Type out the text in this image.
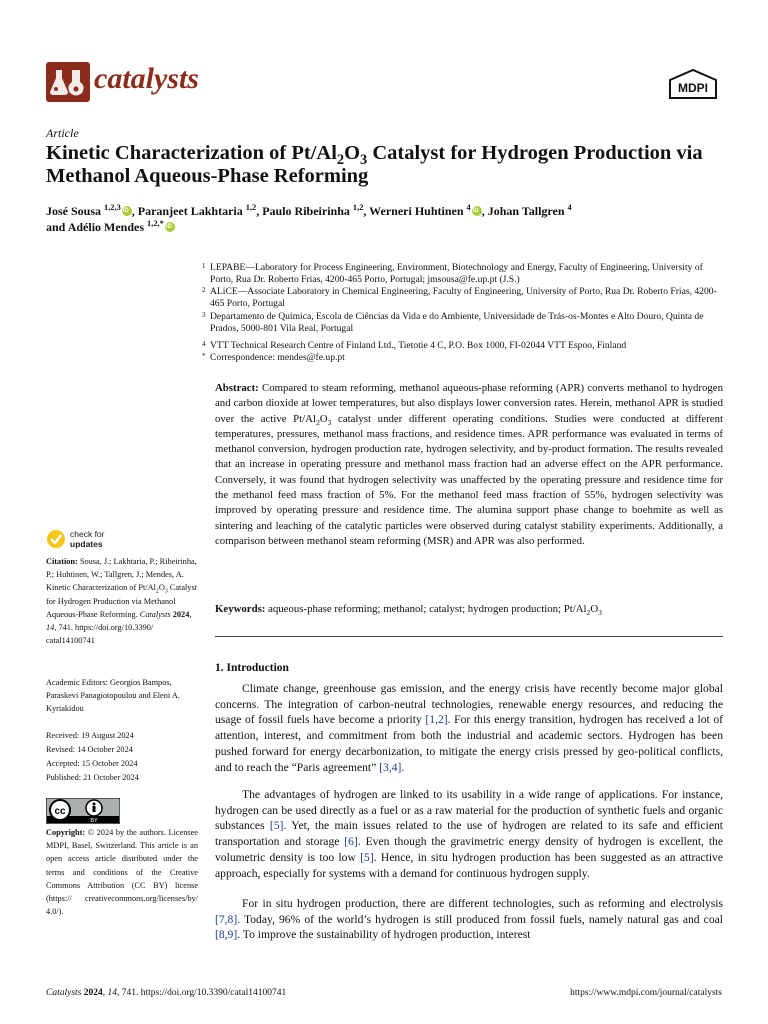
catalysts	MDPI
Article
Kinetic Characterization of $Pt/Al_2O_3$ Catalyst for Hydrogen Production via Methanol Aqueous-Phase Reforming
José Sousa $^{1,2,3}$ iD , Paranjeet Lakhtaria $^{1,2}$, Paulo Ribeirinha $^{1,2}$, Werneri Huhtinen $^4$ iD , Johan Tallgren $^4$
and Adélio Mendes $^{1,2,*}$iD
1 LEPABE—Laboratory for Process Engineering, Environment, Biotechnology and Energy, Faculty of Engineering, University of Porto, Rua Dr. Roberto Frias, 4200-465 Porto, Portugal; jmsousa@fe.up.pt (J.S.)
2 ALiCE—Associate Laboratory in Chemical Engineering, Faculty of Engineering, University of Porto, Rua Dr. Roberto Frias, 4200-465 Porto, Portugal
3 Departamento de Química, Escola de Ciências da Vida e do Ambiente, Universidade de Trás-os-Montes e Alto Douro, Quinta de Prados, 5000-801 Vila Real, Portugal
4 VTT Technical Research Centre of Finland Ltd., Tietotie 4 C, P.O. Box 1000, FI-02044 VTT Espoo, Finland
* Correspondence: mendes@fe.up.pt
check for
updates
Citation: Sousa, J.; Lakhtaria, P.; Ribeirinha, P.; Huhtinen, W.; Tallgren, J.; Mendes, A. Kinetic Characterization of $Pt/Al_2O_3$ Catalyst for Hydrogen Production via Methanol Aqueous-Phase Reforming. Catalysts 2024, 14, 741. https://doi.org/10.3390/ catal14100741
Academic Editors: Georgios Bampos, Paraskevi Panagiotopoulou and Eleni A. Kyriakidou
Received: 19 August 2024
Revised: 14 October 2024
Accepted: 15 October 2024
Published: 21 October 2024
cc
BY
Copyright: © 2024 by the authors. Licensee MDPI, Basel, Switzerland. This article is an open access article distributed under the terms and conditions of the Creative Commons Attribution (CC BY) license (https:// creativecommons.org/licenses/by/ 4.0/).
Abstract: Compared to steam reforming, methanol aqueous-phase reforming (APR) converts methanol to hydrogen and carbon dioxide at lower temperatures, but also displays lower conversion rates. Herein, methanol APR is studied over the active $Pt/Al_2O_3$ catalyst under different operating conditions. Studies were conducted at different temperatures, pressures, methanol mass fractions, and residence times. APR performance was evaluated in terms of methanol conversion, hydrogen production rate, hydrogen selectivity, and by-product formation. The results revealed that an increase in operating pressure and methanol mass fraction had an adverse effect on the APR performance. Conversely, it was found that hydrogen selectivity was unaffected by the operating pressure and residence time for the methanol feed mass fraction of 5%. For the methanol feed mass fraction of 55%, hydrogen selectivity was improved by operating pressure and residence time. The alumina support phase change to boehmite as well as sintering and leaching of the catalytic particles were observed during catalyst stability experiments. Additionally, a comparison between methanol steam reforming (MSR) and APR was also performed.
Keywords: aqueous-phase reforming; methanol; catalyst; hydrogen production; $Pt/Al_2O_3$
1. Introduction
Climate change, greenhouse gas emission, and the energy crisis have recently become major global concerns. The integration of carbon-neutral technologies, renewable energy resources, and reducing the usage of fossil fuels have become a priority [1,2]. For this energy transition, hydrogen has received a lot of attention, interest, and commitment from both the industrial and academic sectors. Hydrogen has been pushed forward for energy decarbonization, to mitigate the energy crisis pressed by geo-political conflicts, and to reach the “Paris agreement” [3,4].
The advantages of hydrogen are linked to its usability in a wide range of applications. For instance, hydrogen can be used directly as a fuel or as a raw material for the production of synthetic fuels and organic substances [5]. Yet, the main issues related to the use of hydrogen are related to its safe and efficient transportation and storage [6]. Even though the gravimetric energy density of hydrogen is excellent, the volumetric density is too low [5]. Hence, in situ hydrogen production has been suggested as an attractive approach, especially for systems with a demand for continuous hydrogen supply.
For in situ hydrogen production, there are different technologies, such as reforming and electrolysis [7,8]. Today, 96% of the world’s hydrogen is still produced from fossil fuels, namely natural gas and coal [8,9]. To improve the sustainability of hydrogen production, interest
Catalysts 2024, 14, 741. https://doi.org/10.3390/catal14100741	https://www.mdpi.com/journal/catalysts
